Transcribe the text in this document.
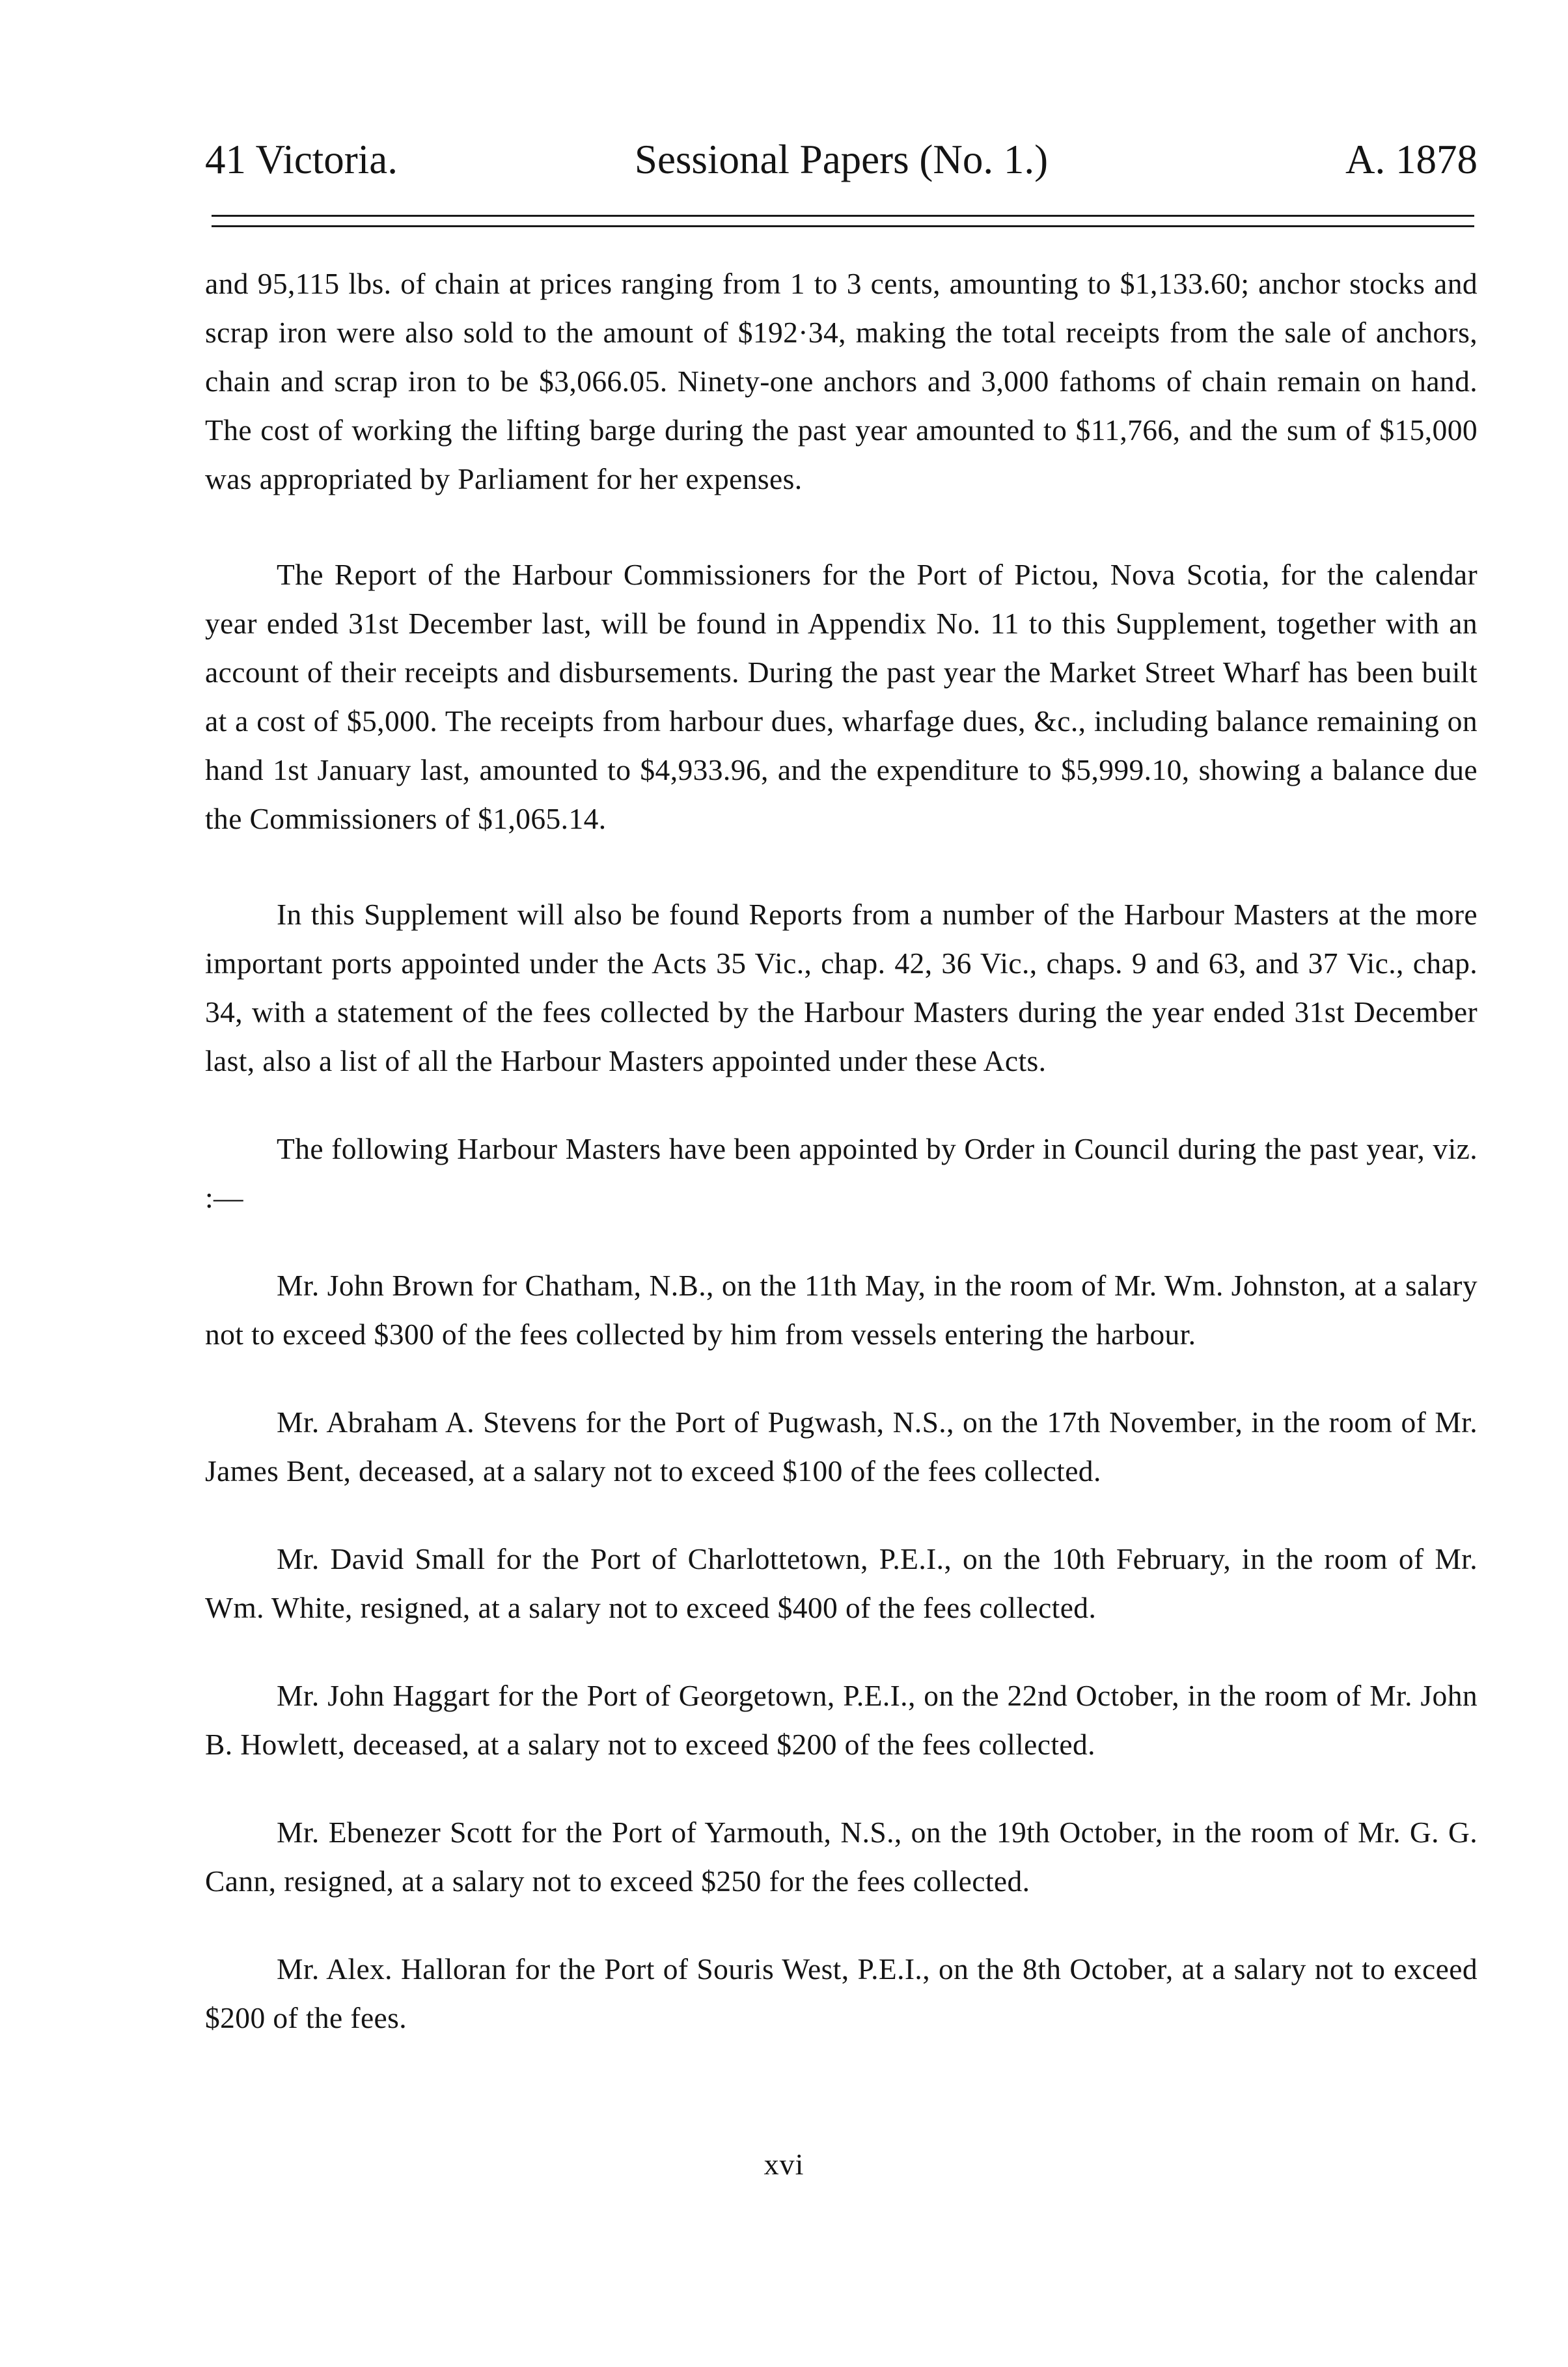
41 Victoria.	Sessional Papers (No. 1.)	A. 1878

and 95,115 lbs. of chain at prices ranging from 1 to 3 cents, amounting to $1,133.60; anchor stocks and scrap iron were also sold to the amount of $192·34, making the total receipts from the sale of anchors, chain and scrap iron to be $3,066.05. Ninety-one anchors and 3,000 fathoms of chain remain on hand. The cost of working the lifting barge during the past year amounted to $11,766, and the sum of $15,000 was appropriated by Parliament for her expenses.

The Report of the Harbour Commissioners for the Port of Pictou, Nova Scotia, for the calendar year ended 31st December last, will be found in Appendix No. 11 to this Supplement, together with an account of their receipts and disbursements. During the past year the Market Street Wharf has been built at a cost of $5,000. The receipts from harbour dues, wharfage dues, &c., including balance remaining on hand 1st January last, amounted to $4,933.96, and the expenditure to $5,999.10, showing a balance due the Commissioners of $1,065.14.

In this Supplement will also be found Reports from a number of the Harbour Masters at the more important ports appointed under the Acts 35 Vic., chap. 42, 36 Vic., chaps. 9 and 63, and 37 Vic., chap. 34, with a statement of the fees collected by the Harbour Masters during the year ended 31st December last, also a list of all the Harbour Masters appointed under these Acts.

The following Harbour Masters have been appointed by Order in Council during the past year, viz. :—

Mr. John Brown for Chatham, N.B., on the 11th May, in the room of Mr. Wm. Johnston, at a salary not to exceed $300 of the fees collected by him from vessels entering the harbour.

Mr. Abraham A. Stevens for the Port of Pugwash, N.S., on the 17th November, in the room of Mr. James Bent, deceased, at a salary not to exceed $100 of the fees collected.

Mr. David Small for the Port of Charlottetown, P.E.I., on the 10th February, in the room of Mr. Wm. White, resigned, at a salary not to exceed $400 of the fees collected.

Mr. John Haggart for the Port of Georgetown, P.E.I., on the 22nd October, in the room of Mr. John B. Howlett, deceased, at a salary not to exceed $200 of the fees collected.

Mr. Ebenezer Scott for the Port of Yarmouth, N.S., on the 19th October, in the room of Mr. G. G. Cann, resigned, at a salary not to exceed $250 for the fees collected.

Mr. Alex. Halloran for the Port of Souris West, P.E.I., on the 8th October, at a salary not to exceed $200 of the fees.

xvi
